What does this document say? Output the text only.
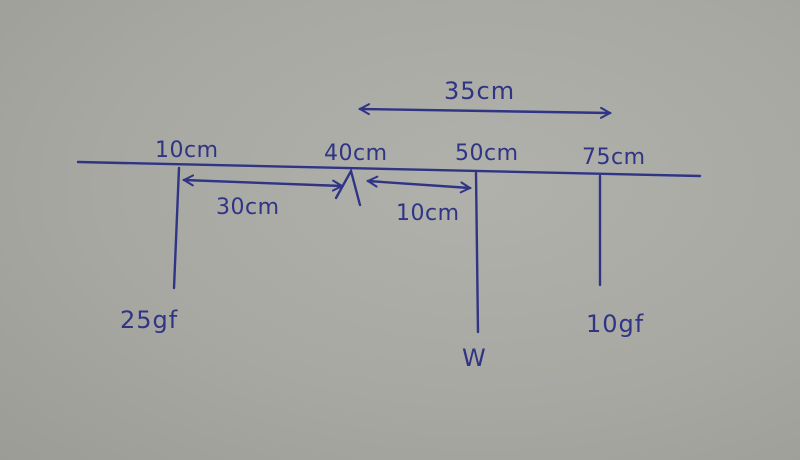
10cm	40cm	50cm	75cm
30cm	10cm
35cm
25gf
W
10gf
